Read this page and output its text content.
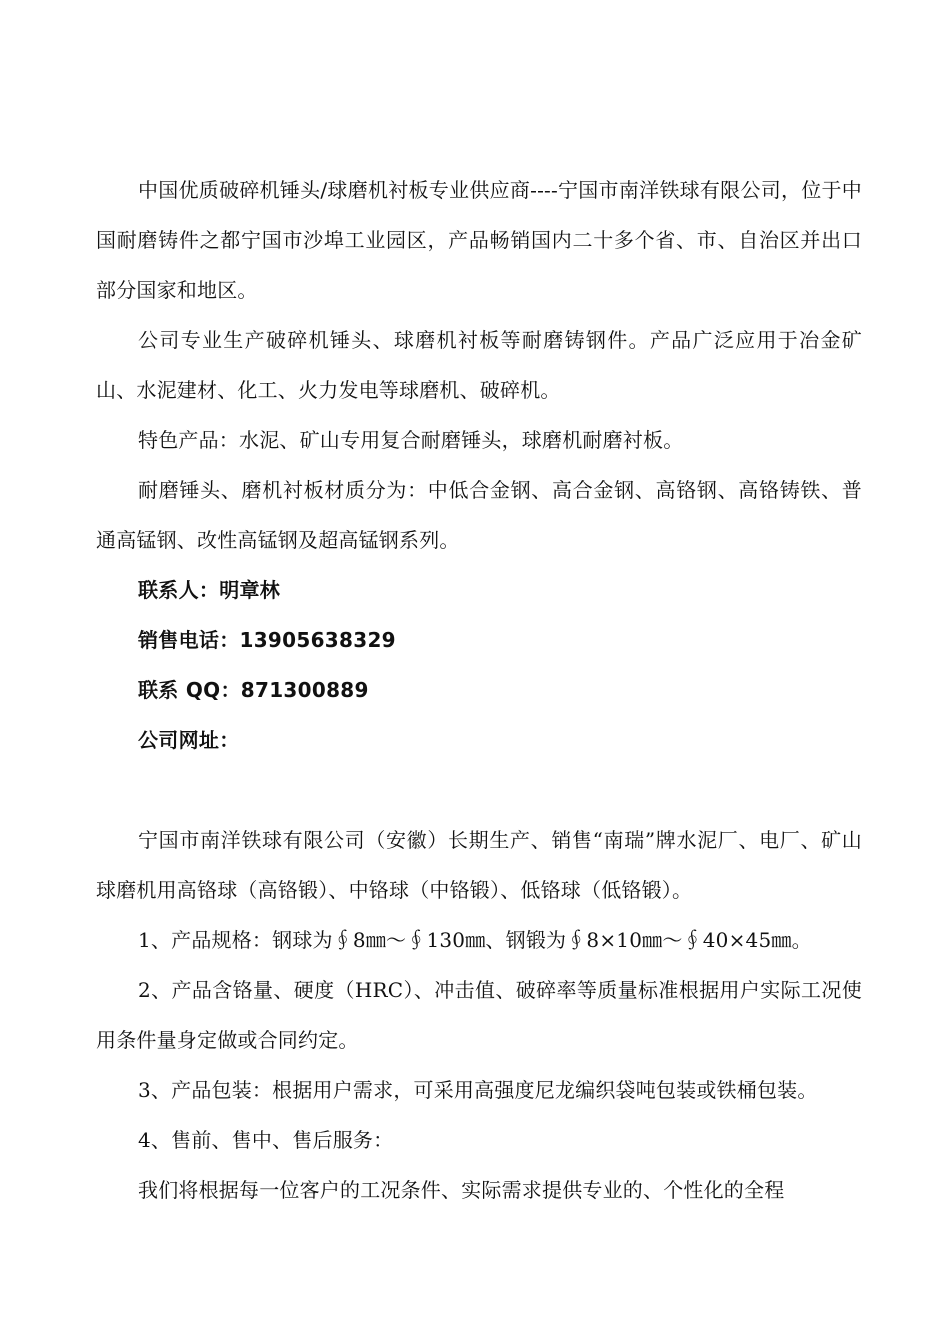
中国优质破碎机锤头/球磨机衬板专业供应商----宁国市南洋铁球有限公司，位于中国耐磨铸件之都宁国市沙埠工业园区，产品畅销国内二十多个省、市、自治区并出口部分国家和地区。

公司专业生产破碎机锤头、球磨机衬板等耐磨铸钢件。产品广泛应用于冶金矿山、水泥建材、化工、火力发电等球磨机、破碎机。

特色产品：水泥、矿山专用复合耐磨锤头，球磨机耐磨衬板。

耐磨锤头、磨机衬板材质分为：中低合金钢、高合金钢、高铬钢、高铬铸铁、普通高锰钢、改性高锰钢及超高锰钢系列。

联系人：明章林

销售电话：13905638329

联系 QQ：871300889

公司网址：

宁国市南洋铁球有限公司（安徽）长期生产、销售“南瑞”牌水泥厂、电厂、矿山球磨机用高铬球（高铬锻）、中铬球（中铬锻）、低铬球（低铬锻）。

1、产品规格：钢球为∮8㎜～∮130㎜、钢锻为∮8×10㎜～∮40×45㎜。

2、产品含铬量、硬度（HRC）、冲击值、破碎率等质量标准根据用户实际工况使用条件量身定做或合同约定。

3、产品包装：根据用户需求，可采用高强度尼龙编织袋吨包装或铁桶包装。

4、售前、售中、售后服务：

我们将根据每一位客户的工况条件、实际需求提供专业的、个性化的全程
